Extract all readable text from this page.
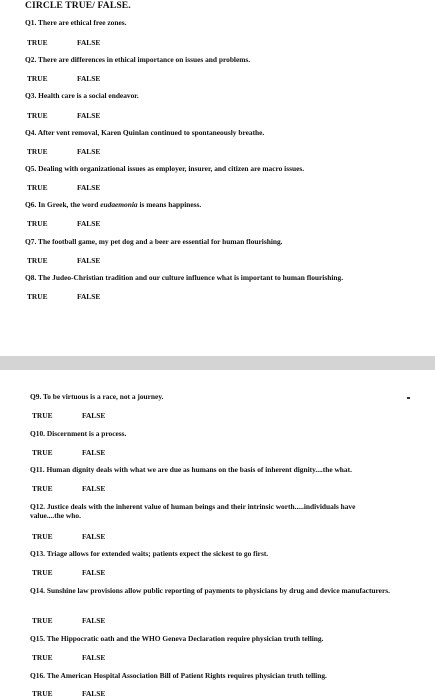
CIRCLE TRUE/ FALSE.
Q1. There are ethical free zones.
TRUE	FALSE
Q2. There are differences in ethical importance on issues and problems.
TRUE	FALSE
Q3. Health care is a social endeavor.
TRUE	FALSE
Q4. After vent removal, Karen Quinlan continued to spontaneously breathe.
TRUE	FALSE
Q5. Dealing with organizational issues as employer, insurer, and citizen are macro issues.
TRUE	FALSE
Q6. In Greek, the word eudaemonia is means happiness.
TRUE	FALSE
Q7. The football game, my pet dog and a beer are essential for human flourishing.
TRUE	FALSE
Q8. The Judeo-Christian tradition and our culture influence what is important to human flourishing.
TRUE	FALSE
Q9. To be virtuous is a race, not a journey.
TRUE	FALSE
Q10. Discernment is a process.
TRUE	FALSE
Q11. Human dignity deals with what we are due as humans on the basis of inherent dignity....the what.
TRUE	FALSE
Q12. Justice deals with the inherent value of human beings and their intrinsic worth.....individuals have value....the who.
TRUE	FALSE
Q13. Triage allows for extended waits; patients expect the sickest to go first.
TRUE	FALSE
Q14. Sunshine law provisions allow public reporting of payments to physicians by drug and device manufacturers.
TRUE	FALSE
Q15. The Hippocratic oath and the WHO Geneva Declaration require physician truth telling.
TRUE	FALSE
Q16. The American Hospital Association Bill of Patient Rights requires physician truth telling.
TRUE	FALSE
